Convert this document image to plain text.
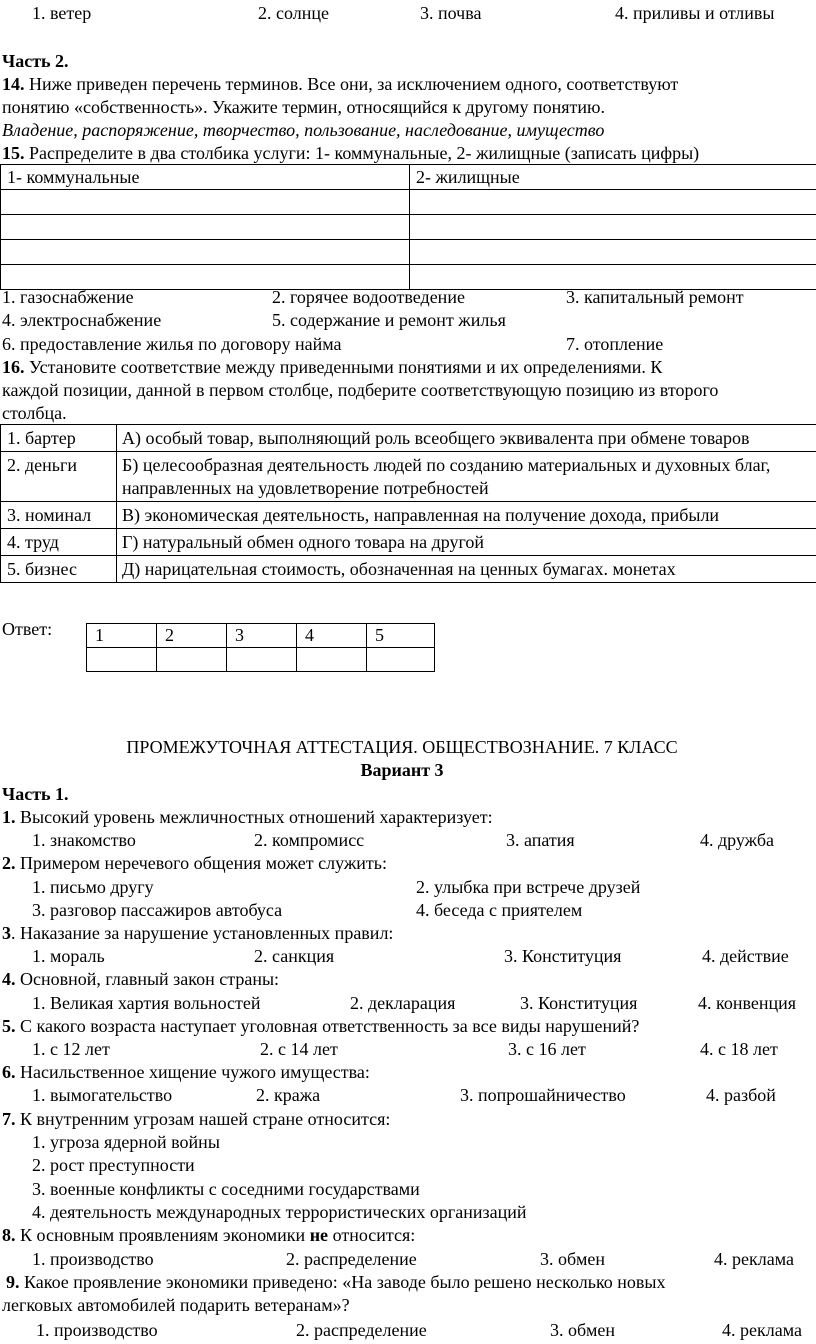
1. ветер	2. солнце	3. почва	4. приливы и отливы
Часть 2.
14. Ниже приведен перечень терминов. Все они, за исключением одного, соответствуют
понятию «собственность». Укажите термин, относящийся к другому понятию.
Владение, распоряжение, творчество, пользование, наследование, имущество
15. Распределите в два столбика услуги: 1- коммунальные, 2- жилищные (записать цифры)
1- коммунальные	2- жилищные

1. газоснабжение	2. горячее водоотведение	3. капитальный ремонт
4. электроснабжение	5. содержание и ремонт жилья
6. предоставление жилья по договору найма	7. отопление
16. Установите соответствие между приведенными понятиями и их определениями. К
каждой позиции, данной в первом столбце, подберите соответствующую позицию из второго
столбца.
1. бартер	А) особый товар, выполняющий роль всеобщего эквивалента при обмене товаров
2. деньги	Б) целесообразная деятельность людей по созданию материальных и духовных благ, направленных на удовлетворение потребностей
3. номинал	В) экономическая деятельность, направленная на получение дохода, прибыли
4. труд	Г) натуральный обмен одного товара на другой
5. бизнес	Д) нарицательная стоимость, обозначенная на ценных бумагах. монетах
Ответ: 1	2	3	4	5

ПРОМЕЖУТОЧНАЯ АТТЕСТАЦИЯ. ОБЩЕСТВОЗНАНИЕ. 7 КЛАСС
Вариант 3
Часть 1.
1. Высокий уровень межличностных отношений характеризует:
1. знакомство	2. компромисс	3. апатия	4. дружба
2. Примером неречевого общения может служить:
1. письмо другу	2. улыбка при встрече друзей
3. разговор пассажиров автобуса	4. беседа с приятелем
3. Наказание за нарушение установленных правил:
1. мораль	2. санкция	3. Конституция	4. действие
4. Основной, главный закон страны:
1. Великая хартия вольностей	2. декларация	3. Конституция	4. конвенция
5. С какого возраста наступает уголовная ответственность за все виды нарушений?
1. с 12 лет	2. с 14 лет	3. с 16 лет	4. с 18 лет
6. Насильственное хищение чужого имущества:
1. вымогательство	2. кража	3. попрошайничество	4. разбой
7. К внутренним угрозам нашей стране относится:
1. угроза ядерной войны
2. рост преступности
3. военные конфликты с соседними государствами
4. деятельность международных террористических организаций
8. К основным проявлениям экономики не относится:
1. производство	2. распределение	3. обмен	4. реклама
9. Какое проявление экономики приведено: «На заводе было решено несколько новых
легковых автомобилей подарить ветеранам»?
1. производство	2. распределение	3. обмен	4. реклама
